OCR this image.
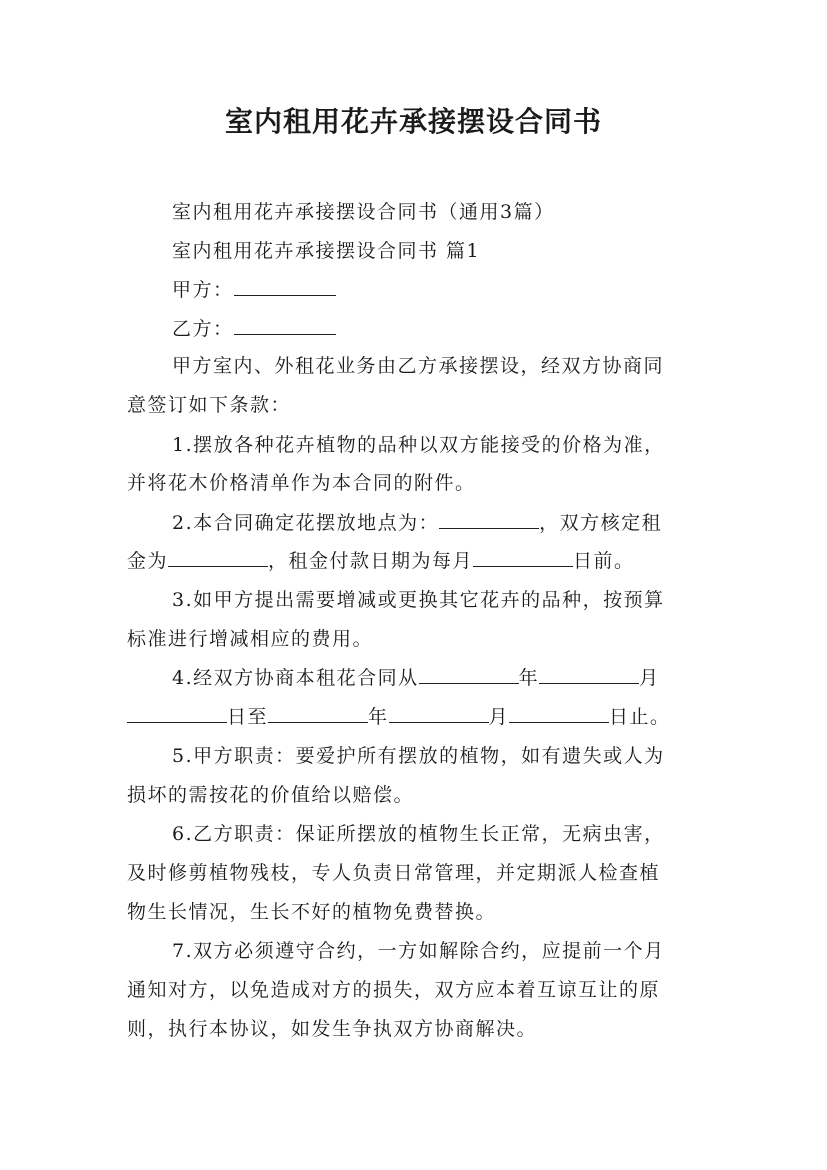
室内租用花卉承接摆设合同书
室内租用花卉承接摆设合同书（通用3篇）
室内租用花卉承接摆设合同书 篇1
甲方：
乙方：
甲方室内、外租花业务由乙方承接摆设，经双方协商同
意签订如下条款：
1.摆放各种花卉植物的品种以双方能接受的价格为准，
并将花木价格清单作为本合同的附件。
2.本合同确定花摆放地点为：	，双方核定租
金为	，租金付款日期为每月	日前。
3.如甲方提出需要增减或更换其它花卉的品种，按预算
标准进行增减相应的费用。
4.经双方协商本租花合同从	年	月
日至	年	月	日止。
5.甲方职责：要爱护所有摆放的植物，如有遗失或人为
损坏的需按花的价值给以赔偿。
6.乙方职责：保证所摆放的植物生长正常，无病虫害，
及时修剪植物残枝，专人负责日常管理，并定期派人检查植
物生长情况，生长不好的植物免费替换。
7.双方必须遵守合约，一方如解除合约，应提前一个月
通知对方，以免造成对方的损失，双方应本着互谅互让的原
则，执行本协议，如发生争执双方协商解决。
